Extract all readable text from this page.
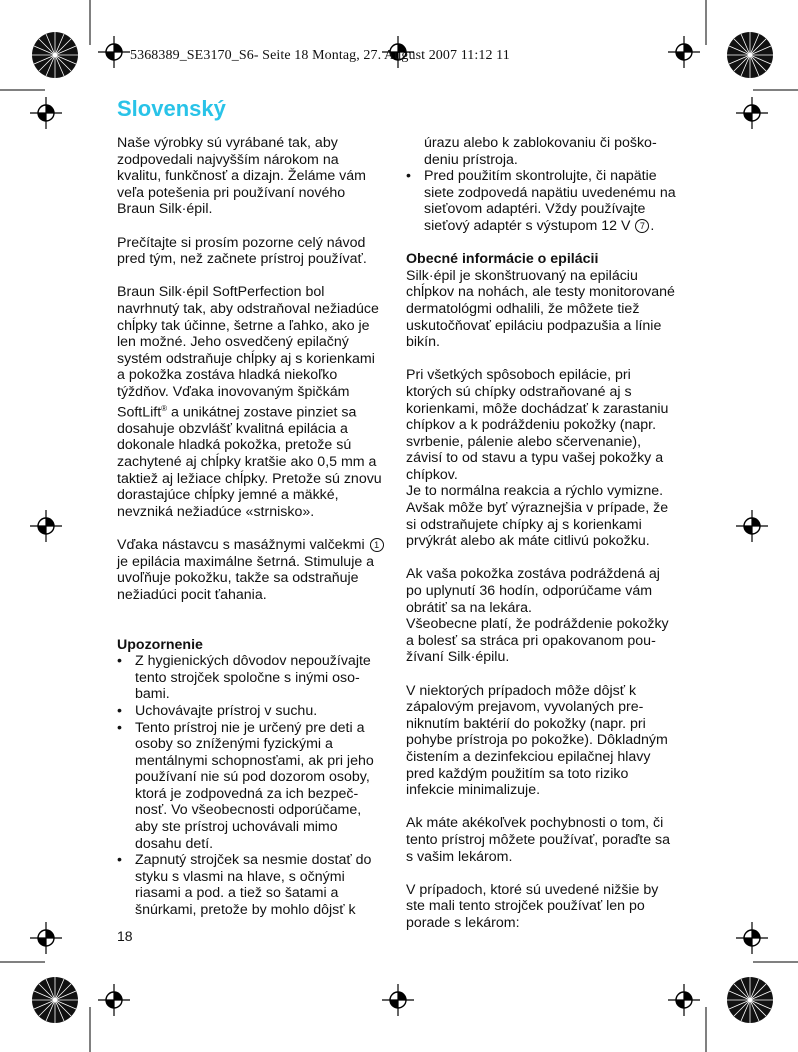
5368389_SE3170_S6- Seite 18 Montag, 27. August 2007 11:12 11
Slovenský

Naše výrobky sú vyrábané tak, aby zodpovedali najvyšším nárokom na kvalitu, funkčnosť a dizajn. Želáme vám veľa potešenia pri používaní nového Braun Silk·épil.

Prečítajte si prosím pozorne celý návod pred tým, než začnete prístroj používať.

Braun Silk·épil SoftPerfection bol navrhnutý tak, aby odstraňoval nežiadúce chĺpky tak účinne, šetrne a ľahko, ako je len možné. Jeho osvedčený epilačný systém odstraňuje chĺpky aj s korienkami a pokožka zostáva hladká niekoľko týždňov. Vďaka inovovaným špičkám SoftLift® a unikátnej zostave pinziet sa dosahuje obzvlášť kvalitná epilácia a dokonale hladká pokožka, pretože sú zachytené aj chĺpky kratšie ako 0,5 mm a taktiež aj ležiace chĺpky. Pretože sú znovu dorastajúce chĺpky jemné a mäkké, nevzniká nežiadúce «strnisko».

Vďaka nástavcu s masážnymi valčekmi 1 je epilácia maximálne šetrná. Stimuluje a uvoľňuje pokožku, takže sa odstraňuje nežiadúci pocit ťahania.

Upozornenie

• Z hygienických dôvodov nepoužívajte tento strojček spoločne s inými osobami.
• Uchovávajte prístroj v suchu.
• Tento prístroj nie je určený pre deti a osoby so zníženými fyzickými a mentálnymi schopnosťami, ak pri jeho používaní nie sú pod dozorom osoby, ktorá je zodpovedná za ich bezpečnosť. Vo všeobecnosti odporúčame, aby ste prístroj uchovávali mimo dosahu detí.
• Zapnutý strojček sa nesmie dostať do styku s vlasmi na hlave, s očnými riasami a pod. a tiež so šatami a šnúrkami, pretože by mohlo dôjsť k

úrazu alebo k zablokovaniu či poškodeniu prístroja.

• Pred použitím skontrolujte, či napätie siete zodpovedá napätiu uvedenému na sieťovom adaptéri. Vždy používajte sieťový adaptér s výstupom 12 V 7 .

Obecné informácie o epilácii

Silk·épil je skonštruovaný na epiláciu chĺpkov na nohách, ale testy monitorované dermatológmi odhalili, že môžete tiež uskutočňovať epiláciu podpazušia a línie bikín.

Pri všetkých spôsoboch epilácie, pri ktorých sú chípky odstraňované aj s korienkami, môže dochádzať k zarastaniu chípkov a k podráždeniu pokožky (napr. svrbenie, pálenie alebo sčervenanie), závisí to od stavu a typu vašej pokožky a chípkov.

Je to normálna reakcia a rýchlo vymizne. Avšak môže byť výraznejšia v prípade, že si odstraňujete chípky aj s korienkami prvýkrát alebo ak máte citlivú pokožku.

Ak vaša pokožka zostáva podráždená aj po uplynutí 36 hodín, odporúčame vám obrátiť sa na lekára.

Všeobecne platí, že podráždenie pokožky a bolesť sa stráca pri opakovanom používaní Silk·épilu.

V niektorých prípadoch môže dôjsť k zápalovým prejavom, vyvolaných preniknutím baktérií do pokožky (napr. pri pohybe prístroja po pokožke). Dôkladným čistením a dezinfekciou epilačnej hlavy pred každým použitím sa toto riziko infekcie minimalizuje.

Ak máte akékoľvek pochybnosti o tom, či tento prístroj môžete používať, poraďte sa s vašim lekárom.

V prípadoch, ktoré sú uvedené nižšie by ste mali tento strojček používať len po porade s lekárom:

18
